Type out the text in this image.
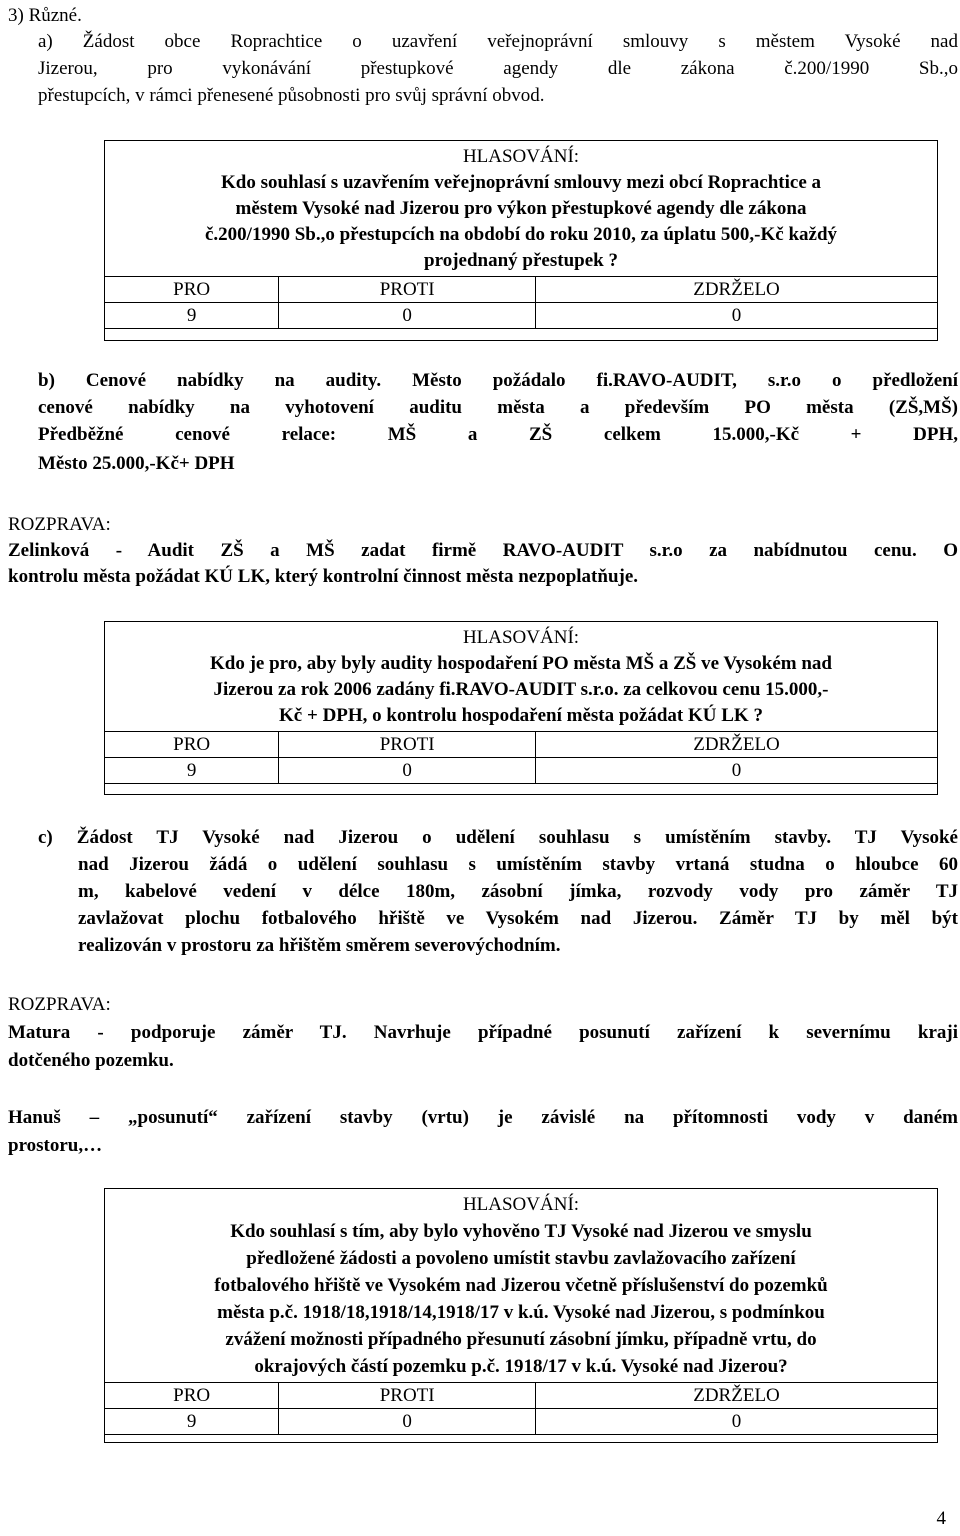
3) Různé.
a) Žádost obce Roprachtice o uzavření veřejnoprávní smlouvy s městem Vysoké nad
Jizerou, pro vykonávání přestupkové agendy dle zákona č.200/1990 Sb.,o
přestupcích, v rámci přenesené působnosti pro svůj správní obvod.
HLASOVÁNÍ:
Kdo souhlasí s uzavřením veřejnoprávní smlouvy mezi obcí Roprachtice a
městem Vysoké nad Jizerou pro výkon přestupkové agendy dle zákona
č.200/1990 Sb.,o přestupcích na období do roku 2010, za úplatu 500,-Kč každý
projednaný přestupek ?
PRO	PROTI	ZDRŽELO
9	0	0
b) Cenové nabídky na audity. Město požádalo fi.RAVO-AUDIT, s.r.o o předložení
cenové nabídky na vyhotovení auditu města a především PO města (ZŠ,MŠ)
Předběžné cenové relace: MŠ a ZŠ celkem 15.000,-Kč + DPH,
Město 25.000,-Kč+ DPH
ROZPRAVA:
Zelinková - Audit ZŠ a MŠ zadat firmě RAVO-AUDIT s.r.o za nabídnutou cenu. O
kontrolu města požádat KÚ LK, který kontrolní činnost města nezpoplatňuje.
HLASOVÁNÍ:
Kdo je pro, aby byly audity hospodaření PO města MŠ a ZŠ ve Vysokém nad
Jizerou za rok 2006 zadány fi.RAVO-AUDIT s.r.o. za celkovou cenu 15.000,-
Kč + DPH, o kontrolu hospodaření města požádat KÚ LK ?
PRO	PROTI	ZDRŽELO
9	0	0
c) Žádost TJ Vysoké nad Jizerou o udělení souhlasu s umístěním stavby. TJ Vysoké
nad Jizerou žádá o udělení souhlasu s umístěním stavby vrtaná studna o hloubce 60
m, kabelové vedení v délce 180m, zásobní jímka, rozvody vody pro záměr TJ
zavlažovat plochu fotbalového hřiště ve Vysokém nad Jizerou. Záměr TJ by měl být
realizován v prostoru za hřištěm směrem severovýchodním.
ROZPRAVA:
Matura - podporuje záměr TJ. Navrhuje případné posunutí zařízení k severnímu kraji
dotčeného pozemku.
Hanuš – „posunutí“ zařízení stavby (vrtu) je závislé na přítomnosti vody v daném
prostoru,…
HLASOVÁNÍ:
Kdo souhlasí s tím, aby bylo vyhověno TJ Vysoké nad Jizerou ve smyslu
předložené žádosti a povoleno umístit stavbu zavlažovacího zařízení
fotbalového hřiště ve Vysokém nad Jizerou včetně příslušenství do pozemků
města p.č. 1918/18,1918/14,1918/17 v k.ú. Vysoké nad Jizerou, s podmínkou
zvážení možnosti případného přesunutí zásobní jímku, případně vrtu, do
okrajových částí pozemku p.č. 1918/17 v k.ú. Vysoké nad Jizerou?
PRO	PROTI	ZDRŽELO
9	0	0
4
